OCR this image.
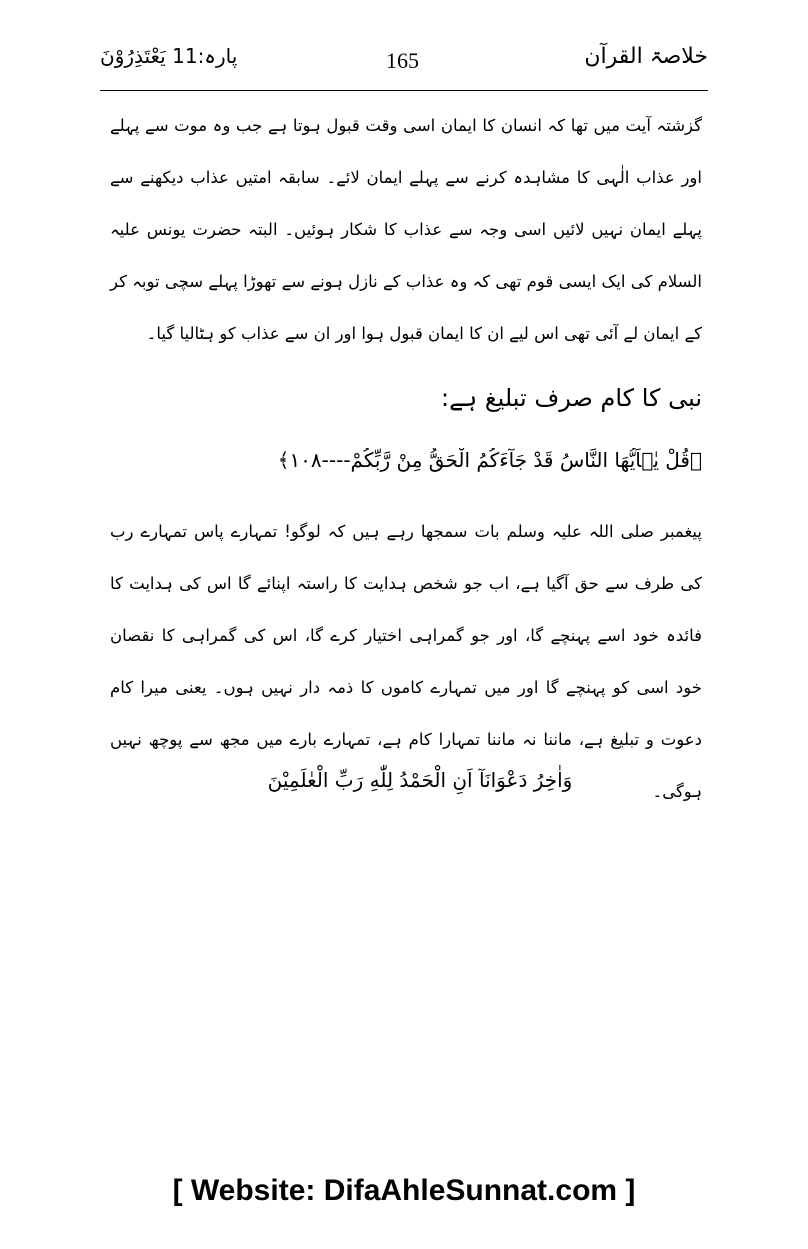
خلاصۃ القرآن
165
پارہ:11 یَعْتَذِرُوْنَ

گزشتہ آیت میں تھا کہ انسان کا ایمان اسی وقت قبول ہوتا ہے جب وہ موت سے پہلے اور عذاب الٰہی کا مشاہدہ کرنے سے پہلے ایمان لائے۔ سابقہ امتیں عذاب دیکھنے سے پہلے ایمان نہیں لائیں اسی وجہ سے عذاب کا شکار ہوئیں۔ البتہ حضرت یونس علیہ السلام کی ایک ایسی قوم تھی کہ وہ عذاب کے نازل ہونے سے تھوڑا پہلے سچی توبہ کر کے ایمان لے آئی تھی اس لیے ان کا ایمان قبول ہوا اور ان سے عذاب کو ہٹالیا گیا۔

نبی کا کام صرف تبلیغ ہے:
﴿قُلْ یٰۤاَیُّهَا النَّاسُ قَدْ جَآءَكُمُ الْحَقُّ مِنْ رَّبِّكُمْ----۱۰۸﴾

پیغمبر صلی اللہ علیہ وسلم بات سمجھا رہے ہیں کہ لوگو! تمہارے پاس تمہارے رب کی طرف سے حق آگیا ہے، اب جو شخص ہدایت کا راستہ اپنائے گا اس کی ہدایت کا فائدہ خود اسے پہنچے گا، اور جو گمراہی اختیار کرے گا، اس کی گمراہی کا نقصان خود اسی کو پہنچے گا اور میں تمہارے کاموں کا ذمہ دار نہیں ہوں۔ یعنی میرا کام دعوت و تبلیغ ہے، ماننا نہ ماننا تمہارا کام ہے، تمہارے بارے میں مجھ سے پوچھ نہیں ہوگی۔

وَاٰخِرُ دَعْوَانَآ اَنِ الْحَمْدُ لِلّٰهِ رَبِّ الْعٰلَمِیْنَ
[ Website: DifaAhleSunnat.com ]
